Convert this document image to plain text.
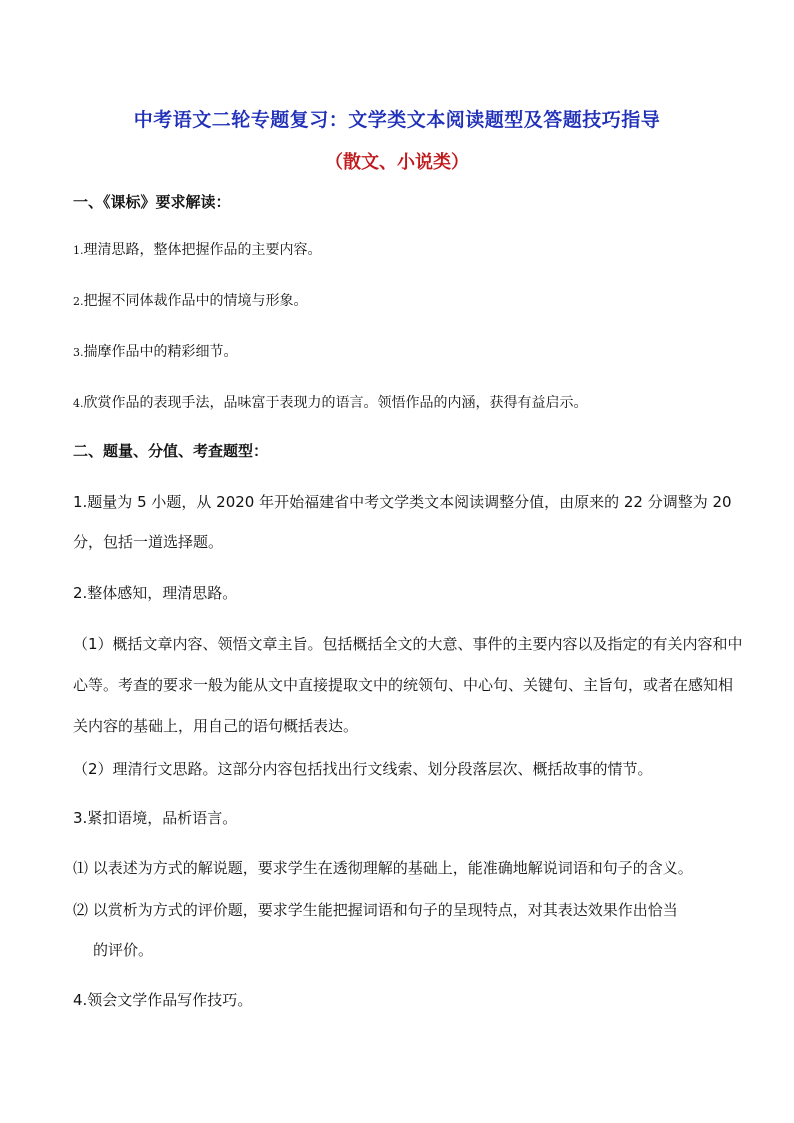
中考语文二轮专题复习：文学类文本阅读题型及答题技巧指导
（散文、小说类）
一、《课标》要求解读：
1.理清思路，整体把握作品的主要内容。
2.把握不同体裁作品中的情境与形象。
3.揣摩作品中的精彩细节。
4.欣赏作品的表现手法，品味富于表现力的语言。领悟作品的内涵，获得有益启示。
二、题量、分值、考查题型：
1.题量为 5 小题，从 2020 年开始福建省中考文学类文本阅读调整分值，由原来的 22 分调整为 20
分，包括一道选择题。
2.整体感知，理清思路。
（1）概括文章内容、领悟文章主旨。包括概括全文的大意、事件的主要内容以及指定的有关内容和中
心等。考查的要求一般为能从文中直接提取文中的统领句、中心句、关键句、主旨句，或者在感知相
关内容的基础上，用自己的语句概括表达。
（2）理清行文思路。这部分内容包括找出行文线索、划分段落层次、概括故事的情节。
3.紧扣语境，品析语言。
⑴ 以表述为方式的解说题，要求学生在透彻理解的基础上，能准确地解说词语和句子的含义。
⑵ 以赏析为方式的评价题，要求学生能把握词语和句子的呈现特点，对其表达效果作出恰当
的评价。
4.领会文学作品写作技巧。
